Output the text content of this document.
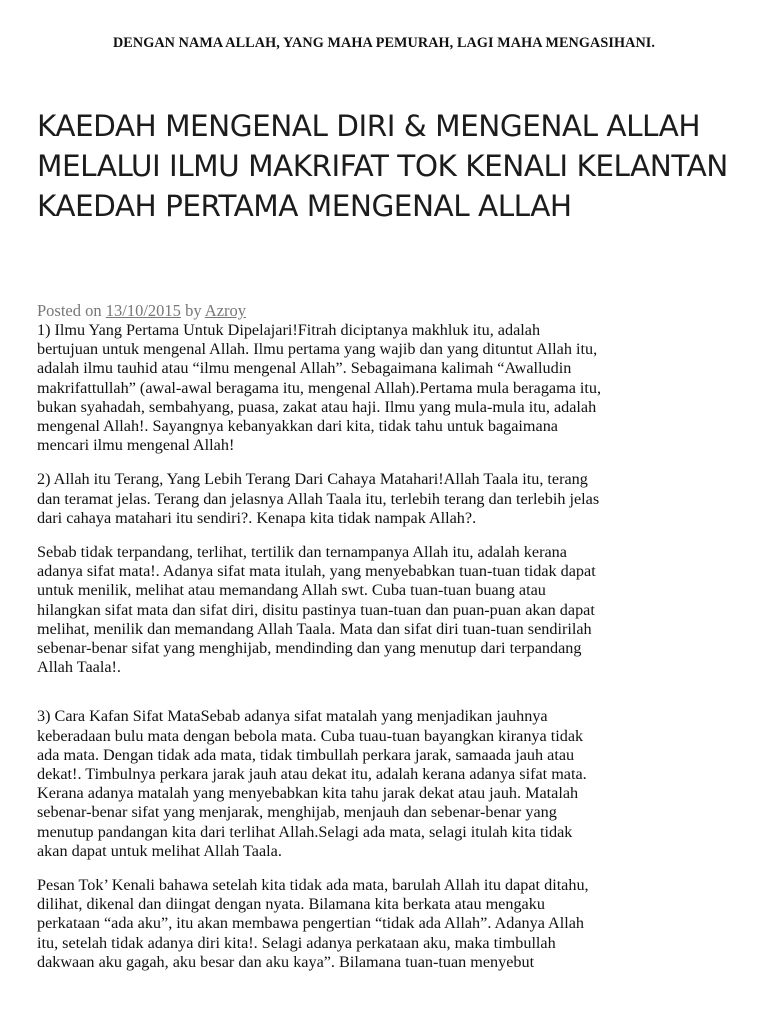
DENGAN NAMA ALLAH, YANG MAHA PEMURAH, LAGI MAHA MENGASIHANI.
KAEDAH MENGENAL DIRI & MENGENAL ALLAH MELALUI ILMU MAKRIFAT TOK KENALI KELANTAN KAEDAH PERTAMA MENGENAL ALLAH
Posted on 13/10/2015 by Azroy

1) Ilmu Yang Pertama Untuk Dipelajari!Fitrah diciptanya makhluk itu, adalah
bertujuan untuk mengenal Allah. Ilmu pertama yang wajib dan yang dituntut Allah itu,
adalah ilmu tauhid atau “ilmu mengenal Allah”. Sebagaimana kalimah “Awalludin
makrifattullah” (awal-awal beragama itu, mengenal Allah).Pertama mula beragama itu,
bukan syahadah, sembahyang, puasa, zakat atau haji. Ilmu yang mula-mula itu, adalah
mengenal Allah!. Sayangnya kebanyakkan dari kita, tidak tahu untuk bagaimana
mencari ilmu mengenal Allah!

2) Allah itu Terang, Yang Lebih Terang Dari Cahaya Matahari!Allah Taala itu, terang
dan teramat jelas. Terang dan jelasnya Allah Taala itu, terlebih terang dan terlebih jelas
dari cahaya matahari itu sendiri?. Kenapa kita tidak nampak Allah?.

Sebab tidak terpandang, terlihat, tertilik dan ternampanya Allah itu, adalah kerana
adanya sifat mata!. Adanya sifat mata itulah, yang menyebabkan tuan-tuan tidak dapat
untuk menilik, melihat atau memandang Allah swt. Cuba tuan-tuan buang atau
hilangkan sifat mata dan sifat diri, disitu pastinya tuan-tuan dan puan-puan akan dapat
melihat, menilik dan memandang Allah Taala. Mata dan sifat diri tuan-tuan sendirilah
sebenar-benar sifat yang menghijab, mendinding dan yang menutup dari terpandang
Allah Taala!.

3) Cara Kafan Sifat MataSebab adanya sifat matalah yang menjadikan jauhnya
keberadaan bulu mata dengan bebola mata. Cuba tuau-tuan bayangkan kiranya tidak
ada mata. Dengan tidak ada mata, tidak timbullah perkara jarak, samaada jauh atau
dekat!. Timbulnya perkara jarak jauh atau dekat itu, adalah kerana adanya sifat mata.
Kerana adanya matalah yang menyebabkan kita tahu jarak dekat atau jauh. Matalah
sebenar-benar sifat yang menjarak, menghijab, menjauh dan sebenar-benar yang
menutup pandangan kita dari terlihat Allah.Selagi ada mata, selagi itulah kita tidak
akan dapat untuk melihat Allah Taala.

Pesan Tok’ Kenali bahawa setelah kita tidak ada mata, barulah Allah itu dapat ditahu,
dilihat, dikenal dan diingat dengan nyata. Bilamana kita berkata atau mengaku
perkataan “ada aku”, itu akan membawa pengertian “tidak ada Allah”. Adanya Allah
itu, setelah tidak adanya diri kita!. Selagi adanya perkataan aku, maka timbullah
dakwaan aku gagah, aku besar dan aku kaya”. Bilamana tuan-tuan menyebut
